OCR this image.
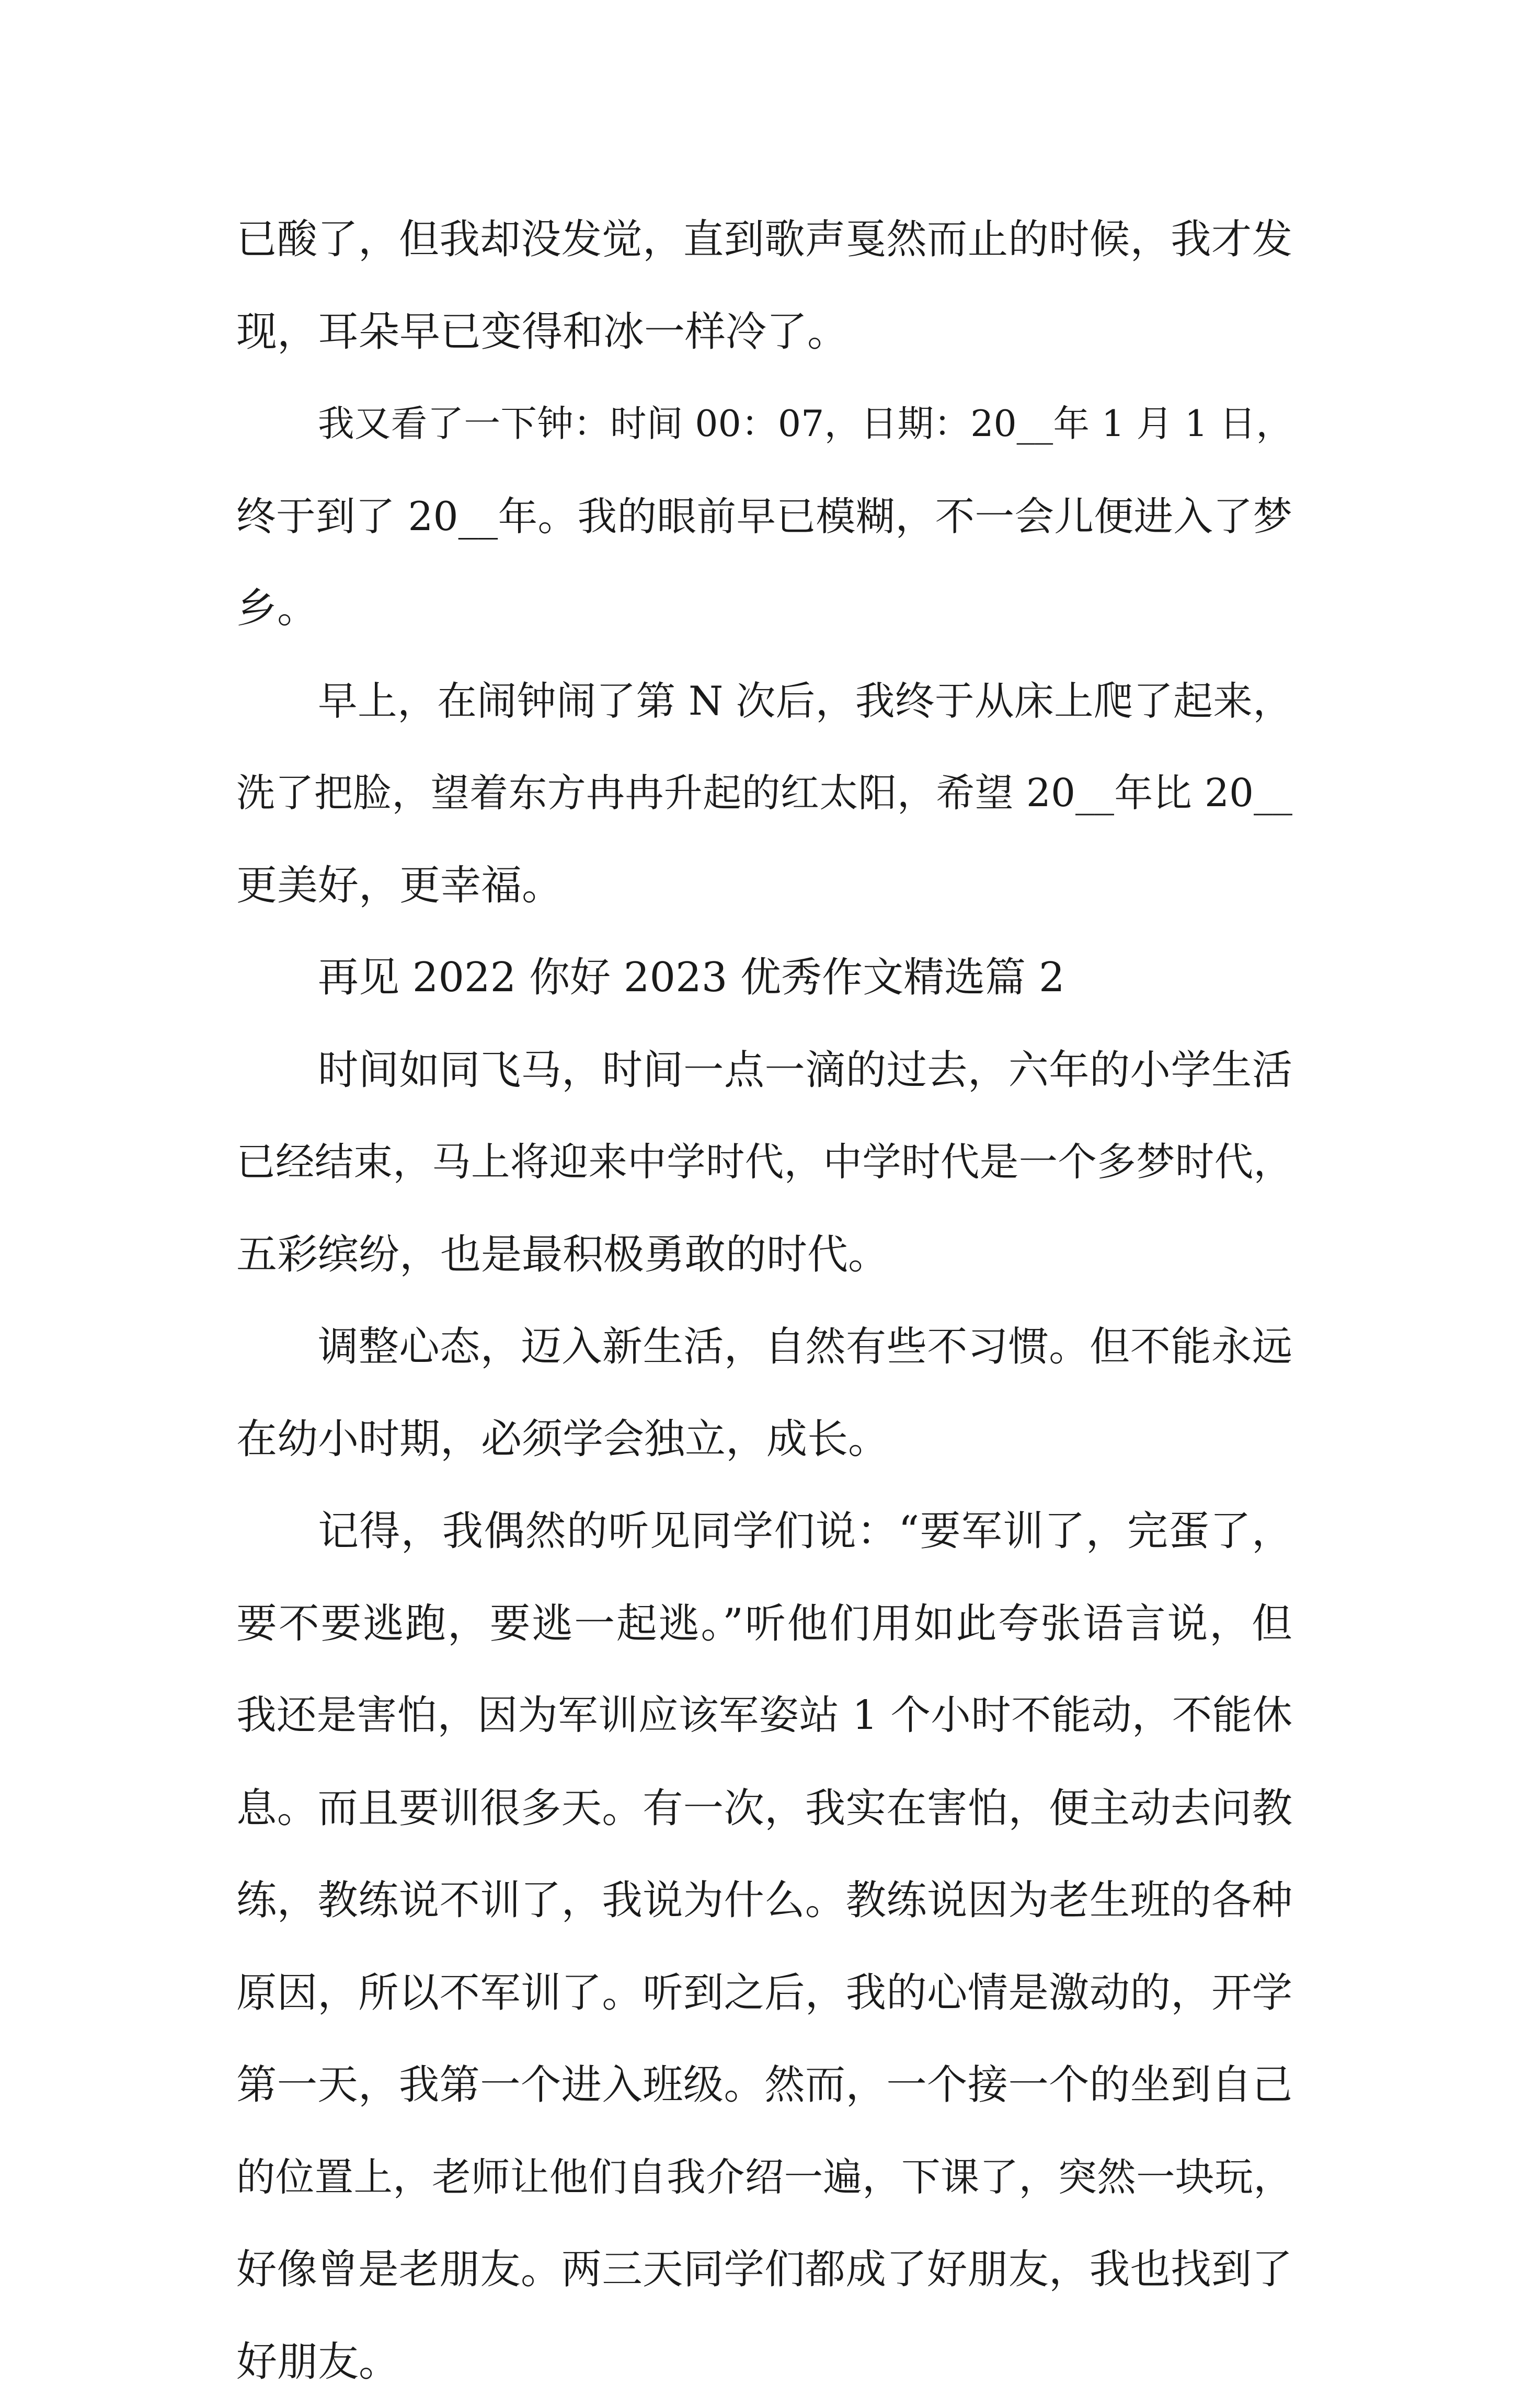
已酸了，但我却没发觉，直到歌声戛然而止的时候，我才发
现，耳朵早已变得和冰一样冷了。
我又看了一下钟：时间 00：07，日期：20__年 1 月 1 日，
终于到了 20__年。我的眼前早已模糊，不一会儿便进入了梦
乡。
早上，在闹钟闹了第 N 次后，我终于从床上爬了起来，
洗了把脸，望着东方冉冉升起的红太阳，希望 20__年比 20__
更美好，更幸福。
再见 2022 你好 2023 优秀作文精选篇 2
时间如同飞马，时间一点一滴的过去，六年的小学生活
已经结束，马上将迎来中学时代，中学时代是一个多梦时代，
五彩缤纷，也是最积极勇敢的时代。
调整心态，迈入新生活，自然有些不习惯。但不能永远
在幼小时期，必须学会独立，成长。
记得，我偶然的听见同学们说：“要军训了，完蛋了，
要不要逃跑，要逃一起逃。”听他们用如此夸张语言说，但
我还是害怕，因为军训应该军姿站 1 个小时不能动，不能休
息。而且要训很多天。有一次，我实在害怕，便主动去问教
练，教练说不训了，我说为什么。教练说因为老生班的各种
原因，所以不军训了。听到之后，我的心情是激动的，开学
第一天，我第一个进入班级。然而，一个接一个的坐到自己
的位置上，老师让他们自我介绍一遍，下课了，突然一块玩，
好像曾是老朋友。两三天同学们都成了好朋友，我也找到了
好朋友。
